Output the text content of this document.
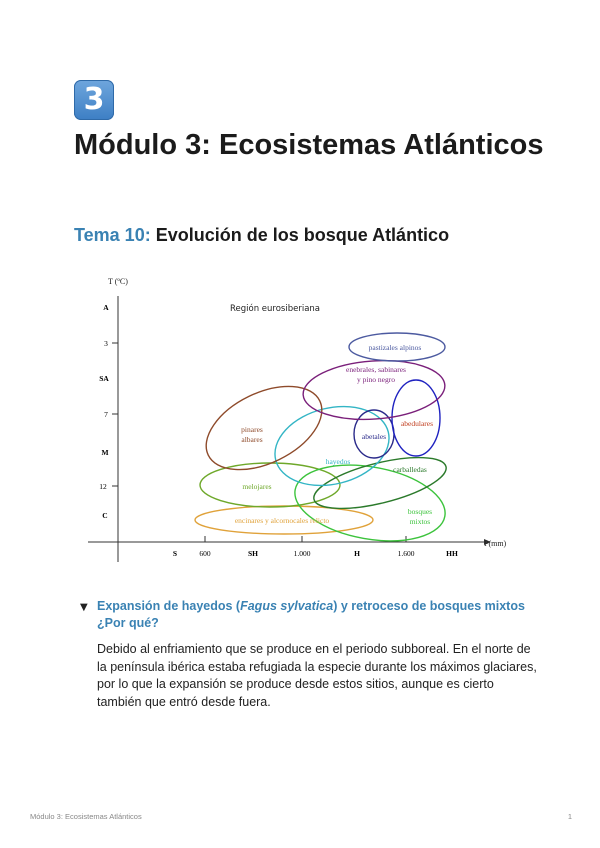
3
Módulo 3: Ecosistemas Atlánticos
Tema 10: Evolución de los bosque Atlántico
T (ºC)
P(mm)
Región eurosiberiana
A
3
SA
7
M
12
C
S	600	SH	1.000	H	1.600	HH
pastizales alpinos
enebrales, sabinares
y pino negro
abedulares
abetales
pinares
albares
hayedos
carballedas
melojares
bosques
mixtos
encinares y alcornocales relicto
▼ Expansión de hayedos (Fagus sylvatica) y retroceso de bosques mixtos ¿Por qué?

Debido al enfriamiento que se produce en el periodo subboreal. En el norte de la península ibérica estaba refugiada la especie durante los máximos glaciares, por lo que la expansión se produce desde estos sitios, aunque es cierto también que entró desde fuera.

Módulo 3: Ecosistemas Atlánticos	1
